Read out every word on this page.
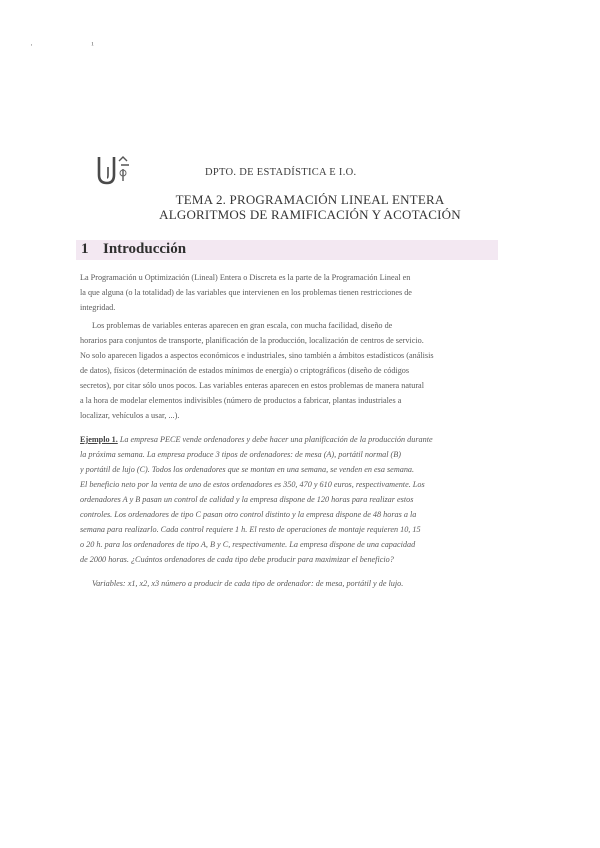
· ¹
DPTO. DE ESTADÍSTICA E I.O.
TEMA 2. PROGRAMACIÓN LINEAL ENTERA
ALGORITMOS DE RAMIFICACIÓN Y ACOTACIÓN
1 Introducción
La Programación u Optimización (Lineal) Entera o Discreta es la parte de la Programación Lineal en
la que alguna (o la totalidad) de las variables que intervienen en los problemas tienen restricciones de
integridad.
Los problemas de variables enteras aparecen en gran escala, con mucha facilidad, diseño de
horarios para conjuntos de transporte, planificación de la producción, localización de centros de servicio.
No solo aparecen ligados a aspectos económicos e industriales, sino también a ámbitos estadísticos (análisis
de datos), físicos (determinación de estados mínimos de energía) o criptográficos (diseño de códigos
secretos), por citar sólo unos pocos. Las variables enteras aparecen en estos problemas de manera natural
a la hora de modelar elementos indivisibles (número de productos a fabricar, plantas industriales a
localizar, vehículos a usar, ...).
Ejemplo 1. La empresa PECE vende ordenadores y debe hacer una planificación de la producción durante
la próxima semana. La empresa produce 3 tipos de ordenadores: de mesa (A), portátil normal (B)
y portátil de lujo (C). Todos los ordenadores que se montan en una semana, se venden en esa semana.
El beneficio neto por la venta de uno de estos ordenadores es 350, 470 y 610 euros, respectivamente. Los
ordenadores A y B pasan un control de calidad y la empresa dispone de 120 horas para realizar estos
controles. Los ordenadores de tipo C pasan otro control distinto y la empresa dispone de 48 horas a la
semana para realizarlo. Cada control requiere 1 h. El resto de operaciones de montaje requieren 10, 15
o 20 h. para los ordenadores de tipo A, B y C, respectivamente. La empresa dispone de una capacidad
de 2000 horas. ¿Cuántos ordenadores de cada tipo debe producir para maximizar el beneficio?
Variables: x1, x2, x3 número a producir de cada tipo de ordenador: de mesa, portátil y de lujo.
